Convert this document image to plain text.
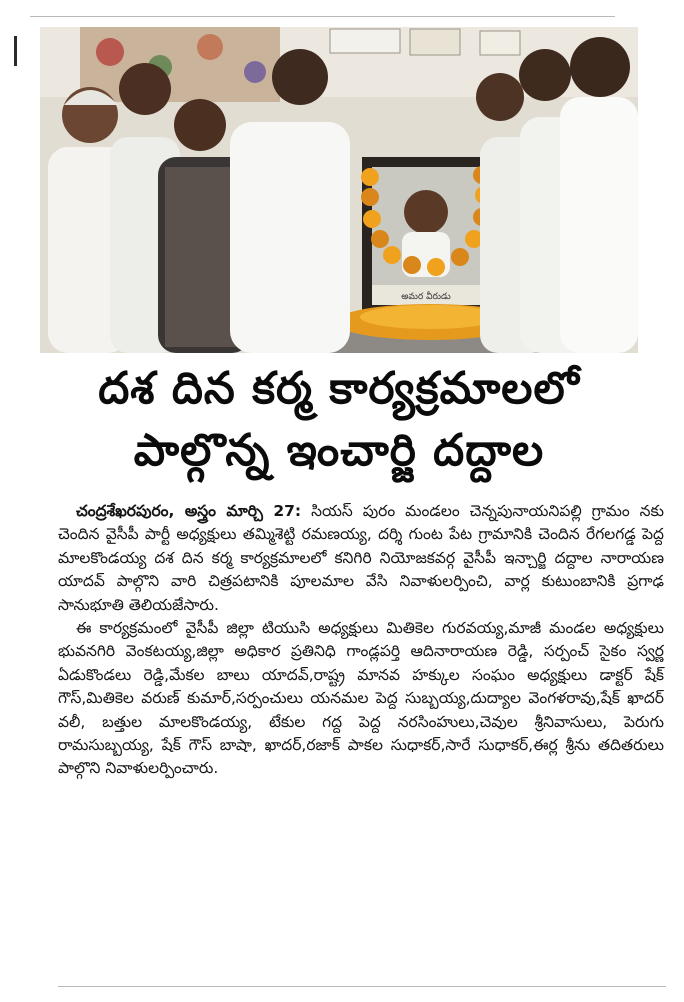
అమర వీరుడు
దశ దిన కర్మ కార్యక్రమాలలో
పాల్గొన్న ఇంచార్జి దద్దాల

చంద్రశేఖరపురం, అస్త్రం మార్చి 27: సియస్ పురం మండలం చెన్నపునాయనిపల్లి గ్రామం నకు చెందిన వైసీపీ పార్టీ అధ్యక్షులు తమ్మిశెట్టి రమణయ్య, దర్శి గుంట పేట గ్రామానికి చెందిన రేగలగడ్డ పెద్ద మాలకొండయ్య దశ దిన కర్మ కార్యక్రమాలలో కనిగిరి నియోజకవర్గ వైసీపీ ఇన్చార్జి దద్దాల నారాయణ యాదవ్ పాల్గొని వారి చిత్రపటానికి పూలమాల వేసి నివాళులర్పించి, వార్ల కుటుంబానికి ప్రగాఢ సానుభూతి తెలియజేసారు.

ఈ కార్యక్రమంలో వైసీపీ జిల్లా టియుసి అధ్యక్షులు మితికెల గురవయ్య,మాజీ మండల అధ్యక్షులు భువనగిరి వెంకటయ్య,జిల్లా అధికార ప్రతినిధి గాండ్లపర్తి ఆదినారాయణ రెడ్డి, సర్పంచ్ సైకం స్వర్ణ ఏడుకొండలు రెడ్డి,మేకల బాలు యాదవ్,రాష్ట్ర మానవ హక్కుల సంఘం అధ్యక్షులు డాక్టర్ షేక్ గౌస్,మితికెల వరుణ్ కుమార్,సర్పంచులు యనమల పెద్ద సుబ్బయ్య,దుద్యాల వెంగళరావు,షేక్ ఖాదర్ వలీ, బత్తుల మాలకొండయ్య, టేకుల గద్ద పెద్ద నరసింహులు,చెవుల శ్రీనివాసులు, పెరుగు రామసుబ్బయ్య, షేక్ గౌస్ బాషా, ఖాదర్,రజాక్ పాకల సుధాకర్,సారే సుధాకర్,ఈర్ల శ్రీను తదితరులు పాల్గొని నివాళులర్పించారు.
